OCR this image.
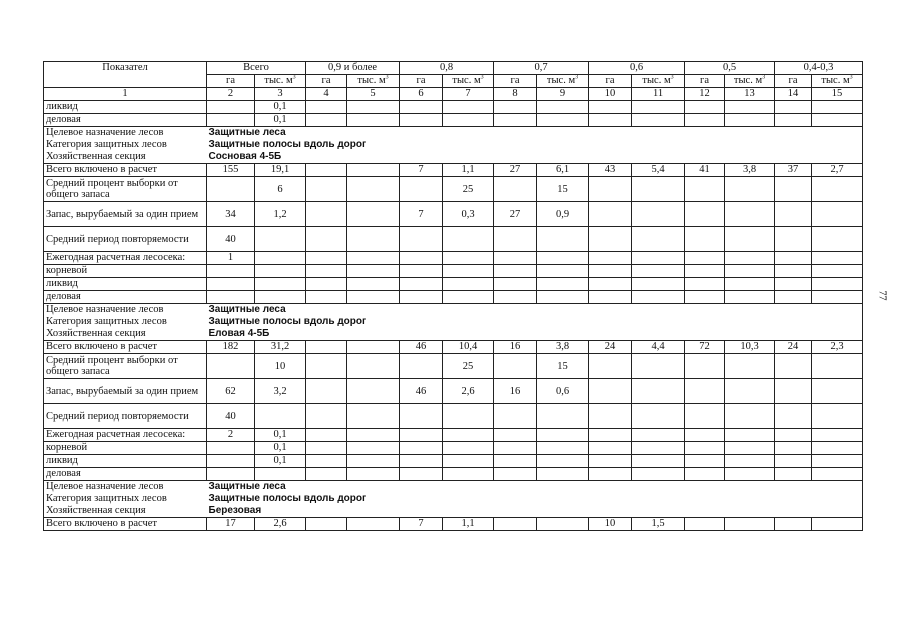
77
Показател	Всего		0,9 и более		0,8		0,7		0,6		0,5		0,4-0,3	
	га	тыс. $м^3$	га	тыс. $м^3$	га	тыс. $м^3$	га	тыс. $м^3$	га	тыс. $м^3$	га	тыс. $м^3$	га	тыс. $м^3$
1	2	3	4	5	6	7	8	9	10	11	12	13	14	15
ликвид		0,1												
деловая		0,1												
Целевое назначение лесов	Защитные леса													
Категория защитных лесов	Защитные полосы вдоль дорог													
Хозяйственная секция	Сосновая 4-5Б													
Всего включено в расчет	155	19,1			7	1,1	27	6,1	43	5,4	41	3,8	37	2,7
Средний процент выборки от общего запаса		6				25		15						
Запас, вырубаемый за один прием	34	1,2			7	0,3	27	0,9						
Средний период повторяемости	40													
Ежегодная расчетная лесосека:	1													
корневой														
ликвид														
деловая														
Целевое назначение лесов	Защитные леса													
Категория защитных лесов	Защитные полосы вдоль дорог													
Хозяйственная секция	Еловая 4-5Б													
Всего включено в расчет	182	31,2			46	10,4	16	3,8	24	4,4	72	10,3	24	2,3
Средний процент выборки от общего запаса		10				25		15						
Запас, вырубаемый за один прием	62	3,2			46	2,6	16	0,6						
Средний период повторяемости	40													
Ежегодная расчетная лесосека:	2	0,1												
корневой		0,1												
ликвид		0,1												
деловая														
Целевое назначение лесов	Защитные леса													
Категория защитных лесов	Защитные полосы вдоль дорог													
Хозяйственная секция	Березовая													
Всего включено в расчет	17	2,6			7	1,1			10	1,5				
